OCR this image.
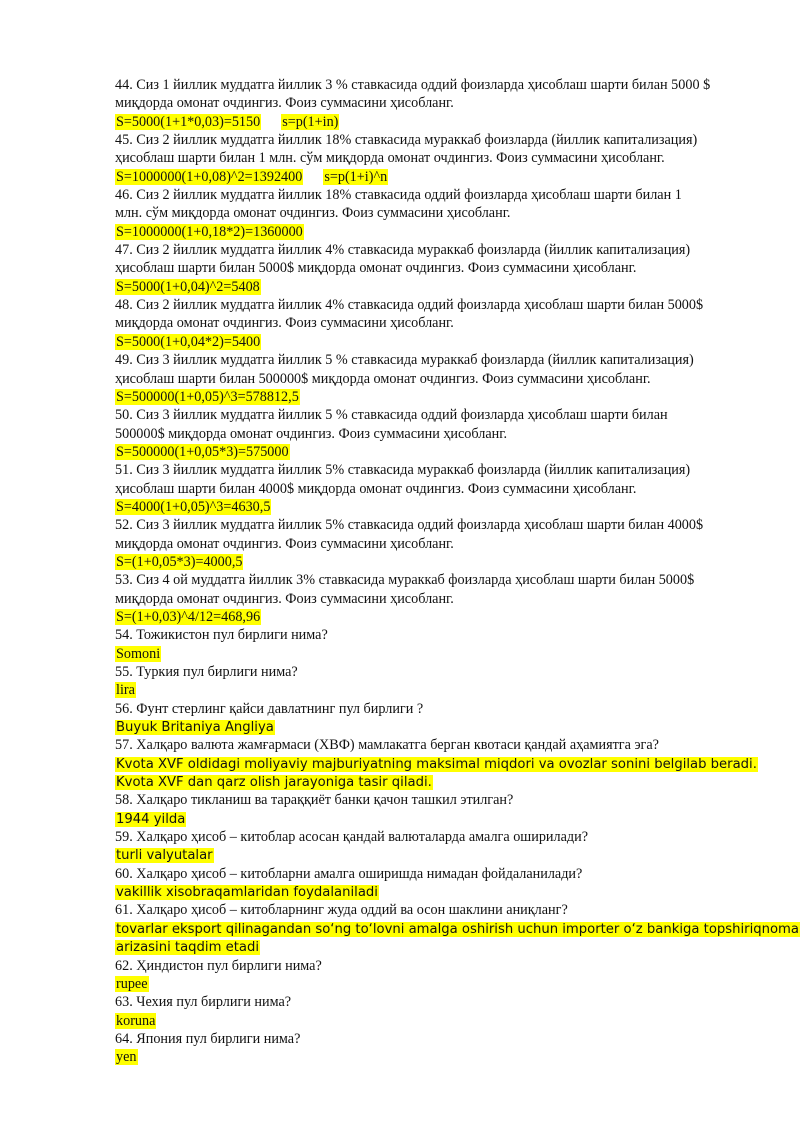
44. Сиз 1 йиллик муддатга йиллик 3 % ставкасида оддий фоизларда ҳисоблаш шарти билан 5000 $
миқдорда омонат очдингиз. Фоиз суммасини ҳисобланг.
S=5000(1+1*0,03)=5150 s=p(1+in)
45. Сиз 2 йиллик муддатга йиллик 18% ставкасида мураккаб фоизларда (йиллик капитализация)
ҳисоблаш шарти билан 1 млн. сўм миқдорда омонат очдингиз. Фоиз суммасини ҳисобланг.
S=1000000(1+0,08)^2=1392400 s=p(1+i)^n
46. Сиз 2 йиллик муддатга йиллик 18% ставкасида оддий фоизларда ҳисоблаш шарти билан 1
млн. сўм миқдорда омонат очдингиз. Фоиз суммасини ҳисобланг.
S=1000000(1+0,18*2)=1360000
47. Сиз 2 йиллик муддатга йиллик 4% ставкасида мураккаб фоизларда (йиллик капитализация)
ҳисоблаш шарти билан 5000$ миқдорда омонат очдингиз. Фоиз суммасини ҳисобланг.
S=5000(1+0,04)^2=5408
48. Сиз 2 йиллик муддатга йиллик 4% ставкасида оддий фоизларда ҳисоблаш шарти билан 5000$
миқдорда омонат очдингиз. Фоиз суммасини ҳисобланг.
S=5000(1+0,04*2)=5400
49. Сиз 3 йиллик муддатга йиллик 5 % ставкасида мураккаб фоизларда (йиллик капитализация)
ҳисоблаш шарти билан 500000$ миқдорда омонат очдингиз. Фоиз суммасини ҳисобланг.
S=500000(1+0,05)^3=578812,5
50. Сиз 3 йиллик муддатга йиллик 5 % ставкасида оддий фоизларда ҳисоблаш шарти билан
500000$ миқдорда омонат очдингиз. Фоиз суммасини ҳисобланг.
S=500000(1+0,05*3)=575000
51. Сиз 3 йиллик муддатга йиллик 5% ставкасида мураккаб фоизларда (йиллик капитализация)
ҳисоблаш шарти билан 4000$ миқдорда омонат очдингиз. Фоиз суммасини ҳисобланг.
S=4000(1+0,05)^3=4630,5
52. Сиз 3 йиллик муддатга йиллик 5% ставкасида оддий фоизларда ҳисоблаш шарти билан 4000$
миқдорда омонат очдингиз. Фоиз суммасини ҳисобланг.
S=(1+0,05*3)=4000,5
53. Сиз 4 ой муддатга йиллик 3% ставкасида мураккаб фоизларда ҳисоблаш шарти билан 5000$
миқдорда омонат очдингиз. Фоиз суммасини ҳисобланг.
S=(1+0,03)^4/12=468,96
54. Тожикистон пул бирлиги нима?
Somoni
55. Туркия пул бирлиги нима?
lira
56. Фунт стерлинг қайси давлатнинг пул бирлиги ?
Buyuk Britaniya Angliya
57. Халқаро валюта жамғармаси (ХВФ) мамлакатга берган квотаси қандай аҳамиятга эга?
Kvota XVF oldidagi moliyaviy majburiyatning maksimal miqdori va ovozlar sonini belgilab beradi.
Kvota XVF dan qarz olish jarayoniga tasir qiladi.
58. Халқаро тикланиш ва тараққиёт банки қачон ташкил этилган?
1944 yilda
59. Халқаро ҳисоб – китоблар асосан қандай валюталарда амалга оширилади?
turli valyutalar
60. Халқаро ҳисоб – китобларни амалга оширишда нимадан фойдаланилади?
vakillik xisobraqamlaridan foydalaniladi
61. Халқаро ҳисоб – китобларнинг жуда оддий ва осон шаклини аниқланг?
tovarlar eksport qilinagandan so‘ng to‘lovni amalga oshirish uchun importer o‘z bankiga topshiriqnoma
arizasini taqdim etadi
62. Ҳиндистон пул бирлиги нима?
rupee
63. Чехия пул бирлиги нима?
koruna
64. Япония пул бирлиги нима?
yen
